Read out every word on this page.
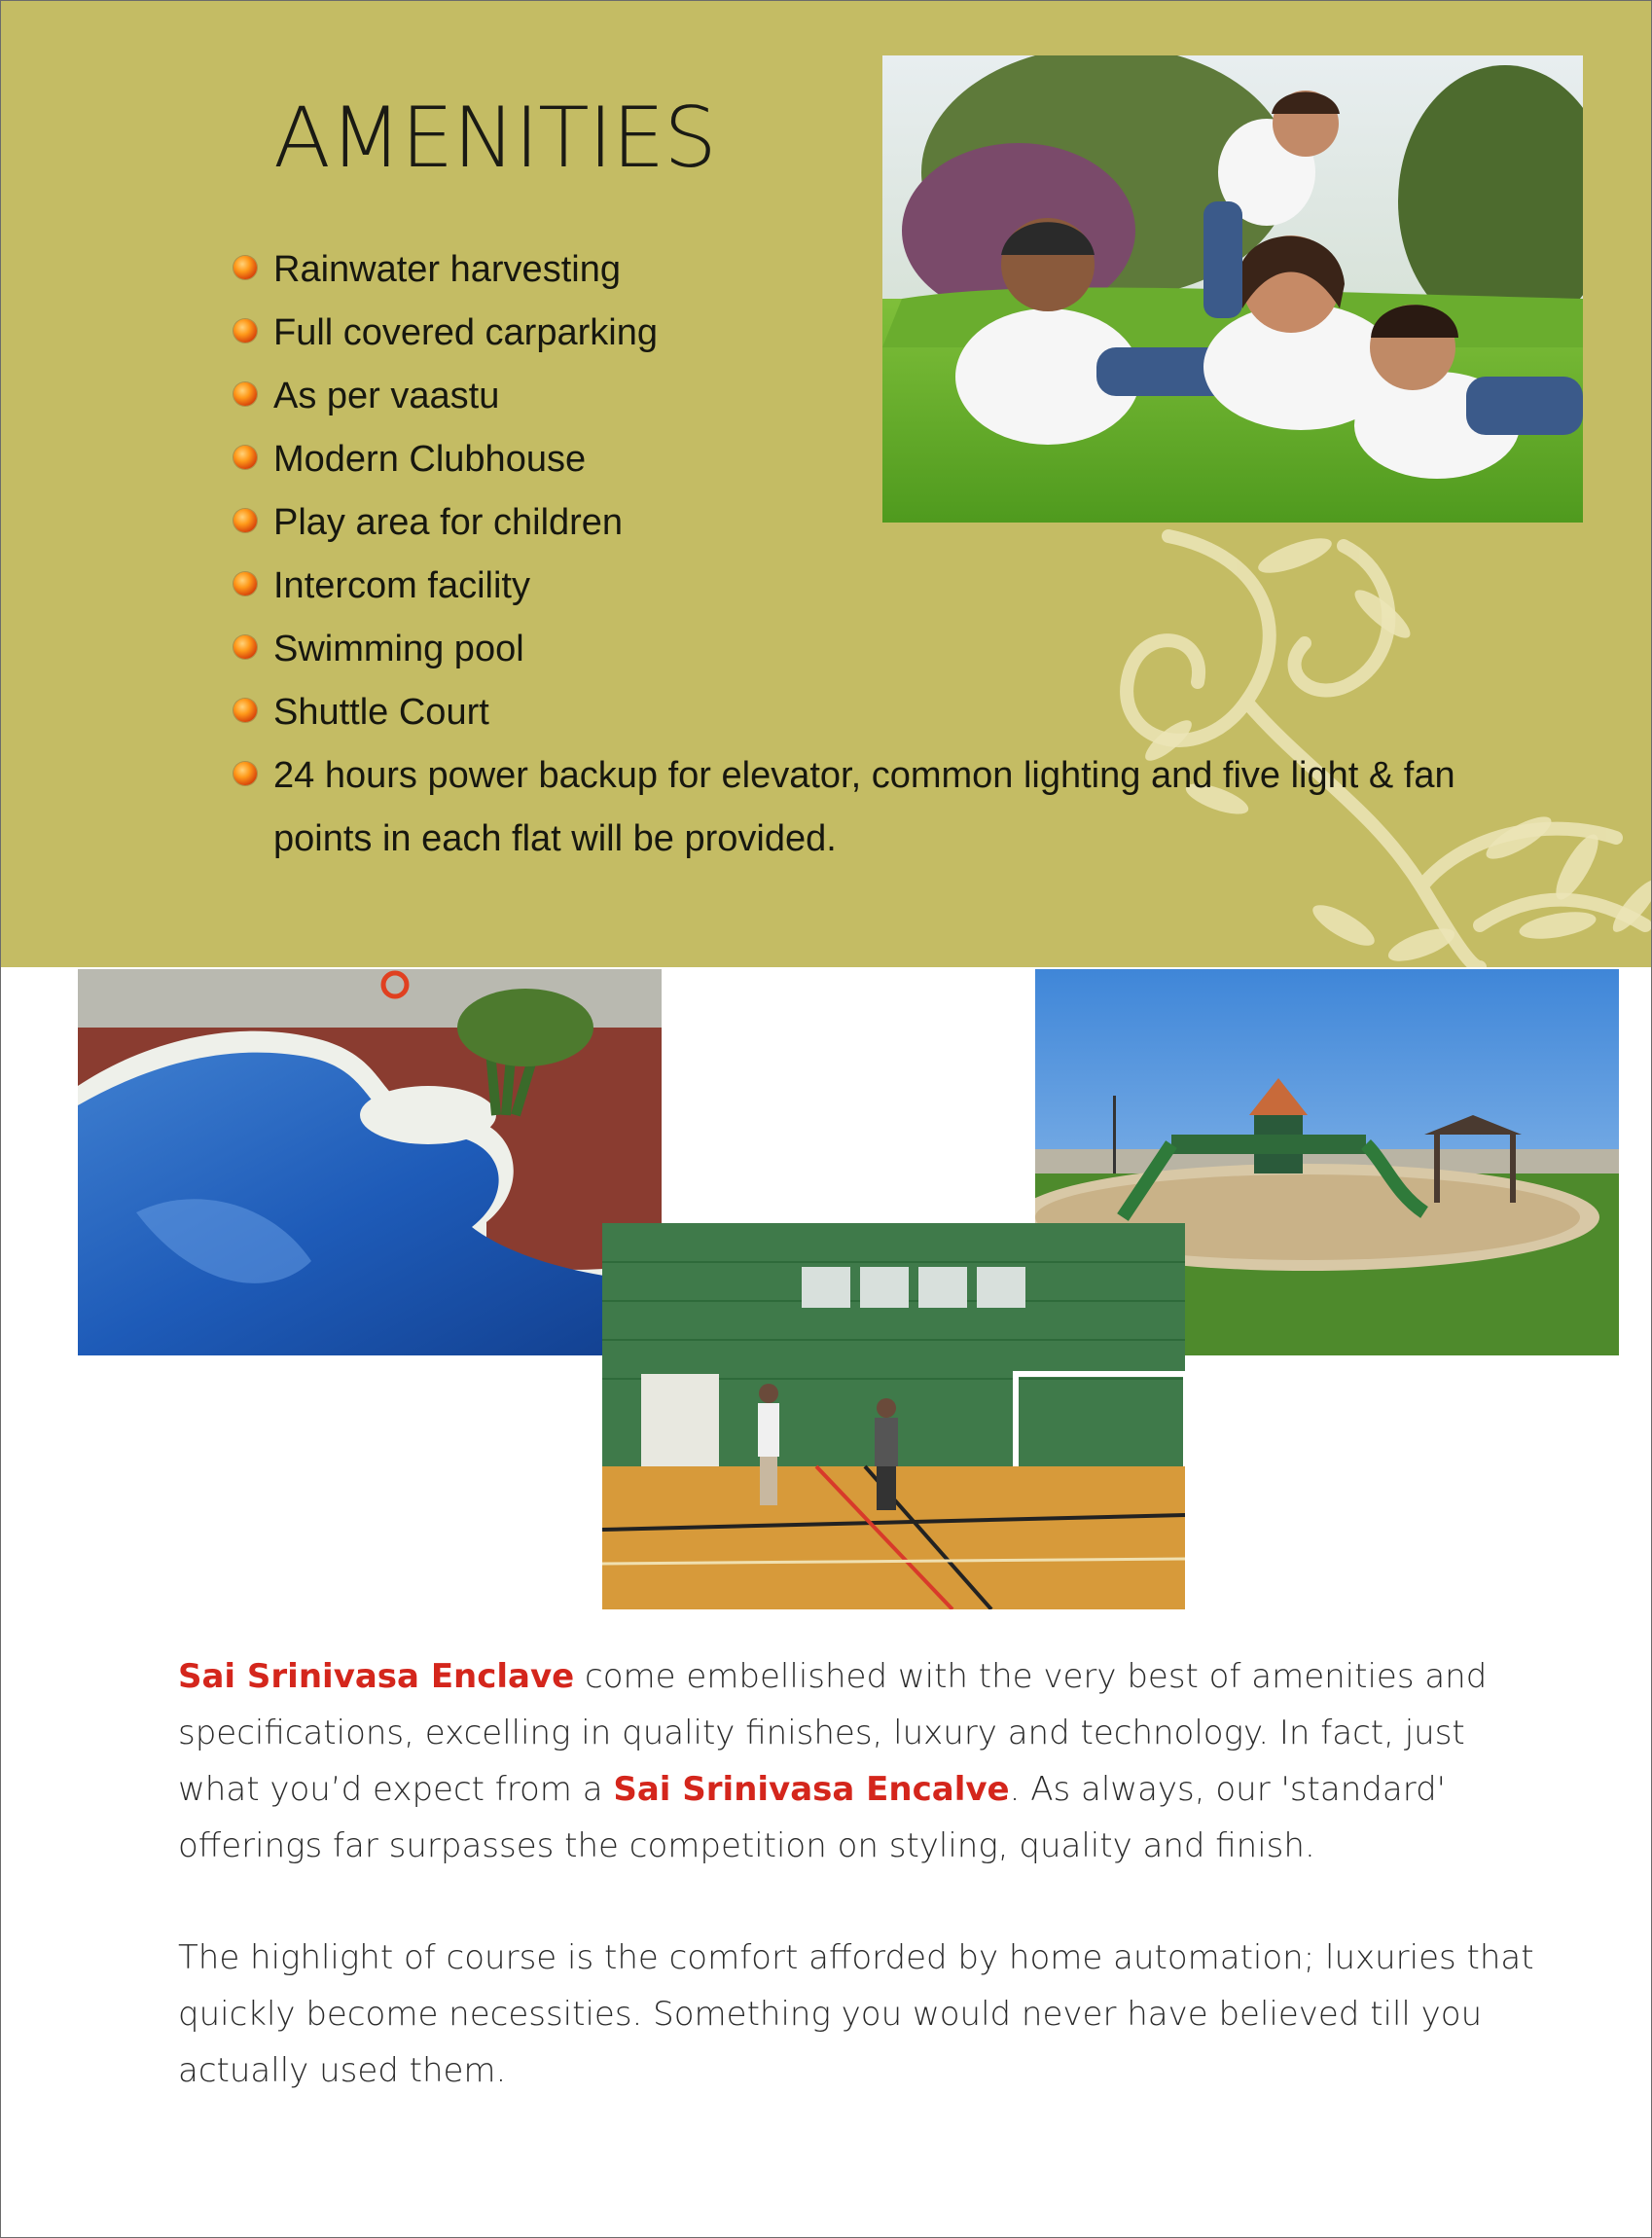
AMENITIES
Rainwater harvesting
Full covered carparking
As per vaastu
Modern Clubhouse
Play area for children
Intercom facility
Swimming pool
Shuttle Court
24 hours power backup for elevator, common lighting and five light & fan points in each flat will be provided.

Sai Srinivasa Enclave come embellished with the very best of amenities and specifications, excelling in quality finishes, luxury and technology. In fact, just what you’d expect from a Sai Srinivasa Encalve. As always, our 'standard' offerings far surpasses the competition on styling, quality and finish.

The highlight of course is the comfort afforded by home automation; luxuries that quickly become necessities. Something you would never have believed till you actually used them.
